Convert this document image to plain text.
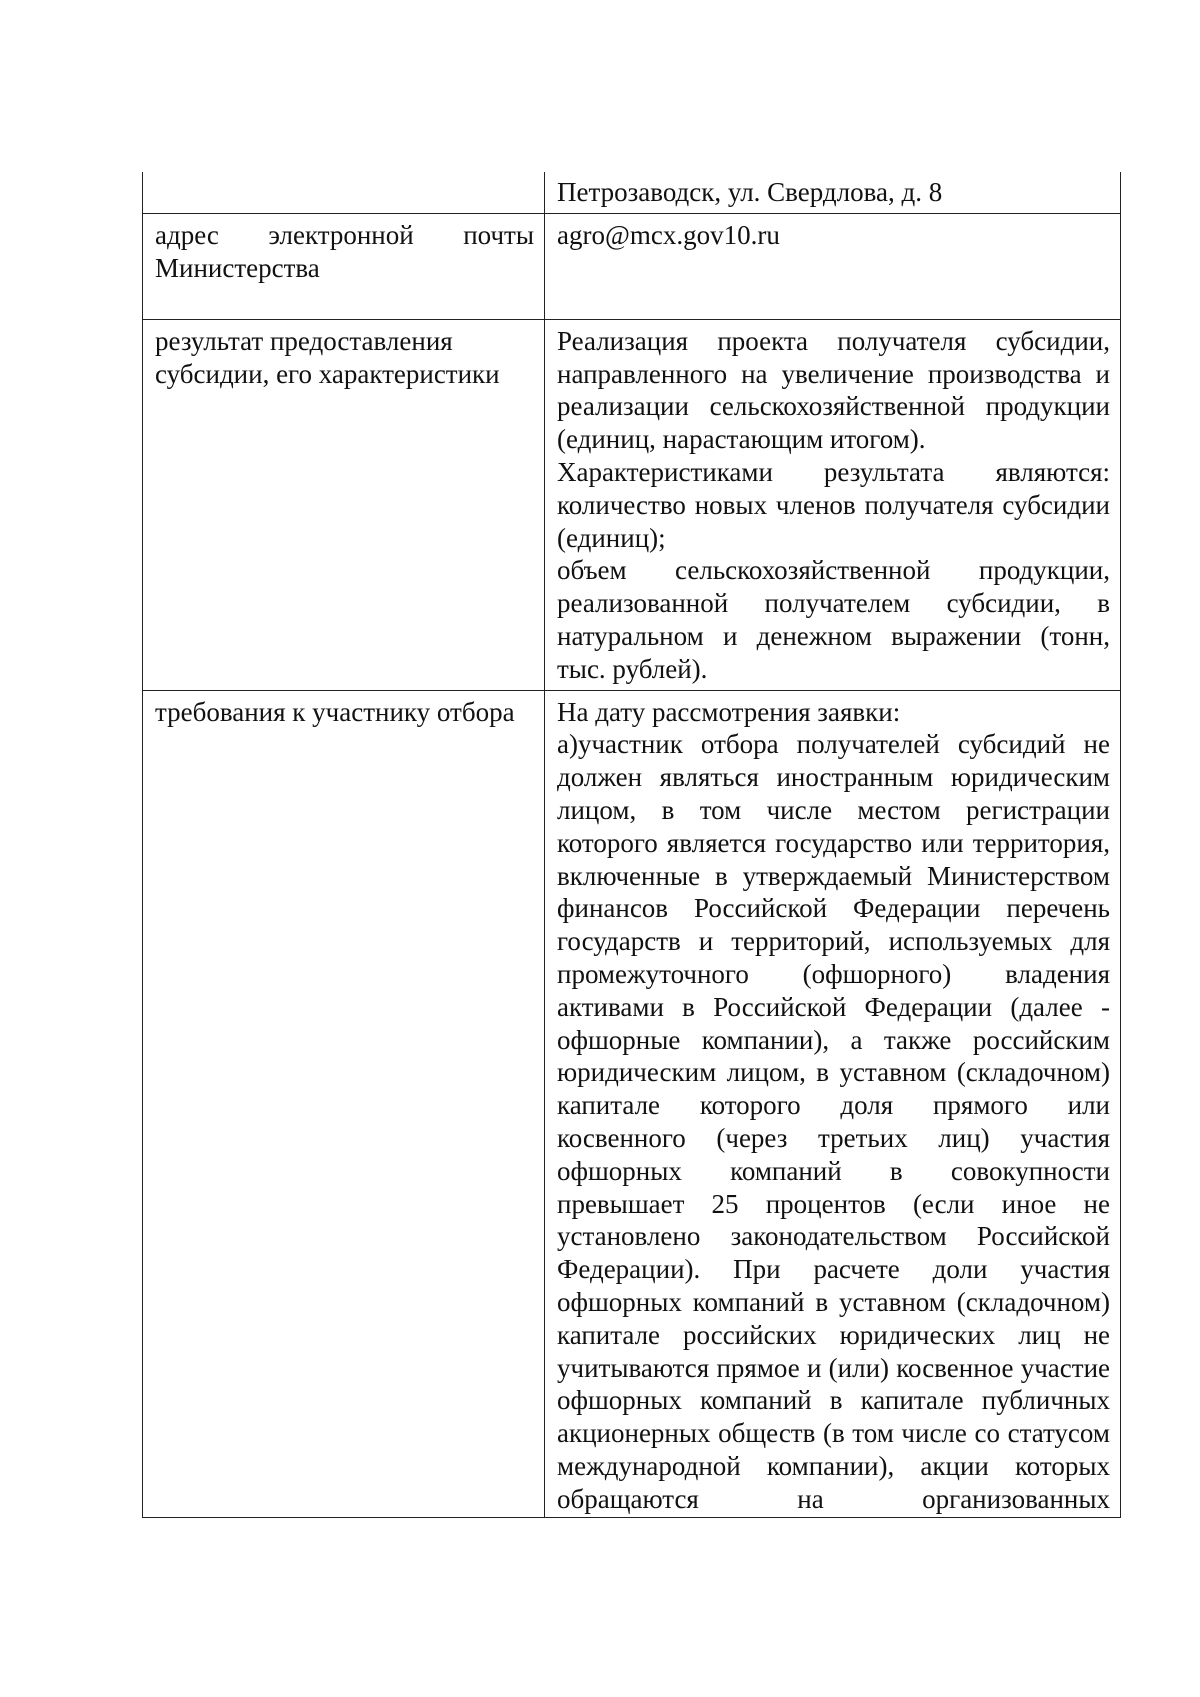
	Петрозаводск, ул. Свердлова, д. 8

адрес электронной почты Министерства	agro@mcx.gov10.ru

результат предоставления субсидии, его характеристики	Реализация проекта получателя субсидии, направленного на увеличение производства и реализации сельскохозяйственной продукции (единиц, нарастающим итогом).
Характеристиками результата являются: количество новых членов получателя субсидии (единиц);
объем сельскохозяйственной продукции, реализованной получателем субсидии, в натуральном и денежном выражении (тонн, тыс. рублей).

требования к участнику отбора	На дату рассмотрения заявки:
а)участник отбора получателей субсидий не должен являться иностранным юридическим лицом, в том числе местом регистрации которого является государство или территория, включенные в утверждаемый Министерством финансов Российской Федерации перечень государств и территорий, используемых для промежуточного (офшорного) владения активами в Российской Федерации (далее - офшорные компании), а также российским юридическим лицом, в уставном (складочном) капитале которого доля прямого или косвенного (через третьих лиц) участия офшорных компаний в совокупности превышает 25 процентов (если иное не установлено законодательством Российской Федерации). При расчете доли участия офшорных компаний в уставном (складочном) капитале российских юридических лиц не учитываются прямое и (или) косвенное участие офшорных компаний в капитале публичных акционерных обществ (в том числе со статусом международной компании), акции которых обращаются на организованных
